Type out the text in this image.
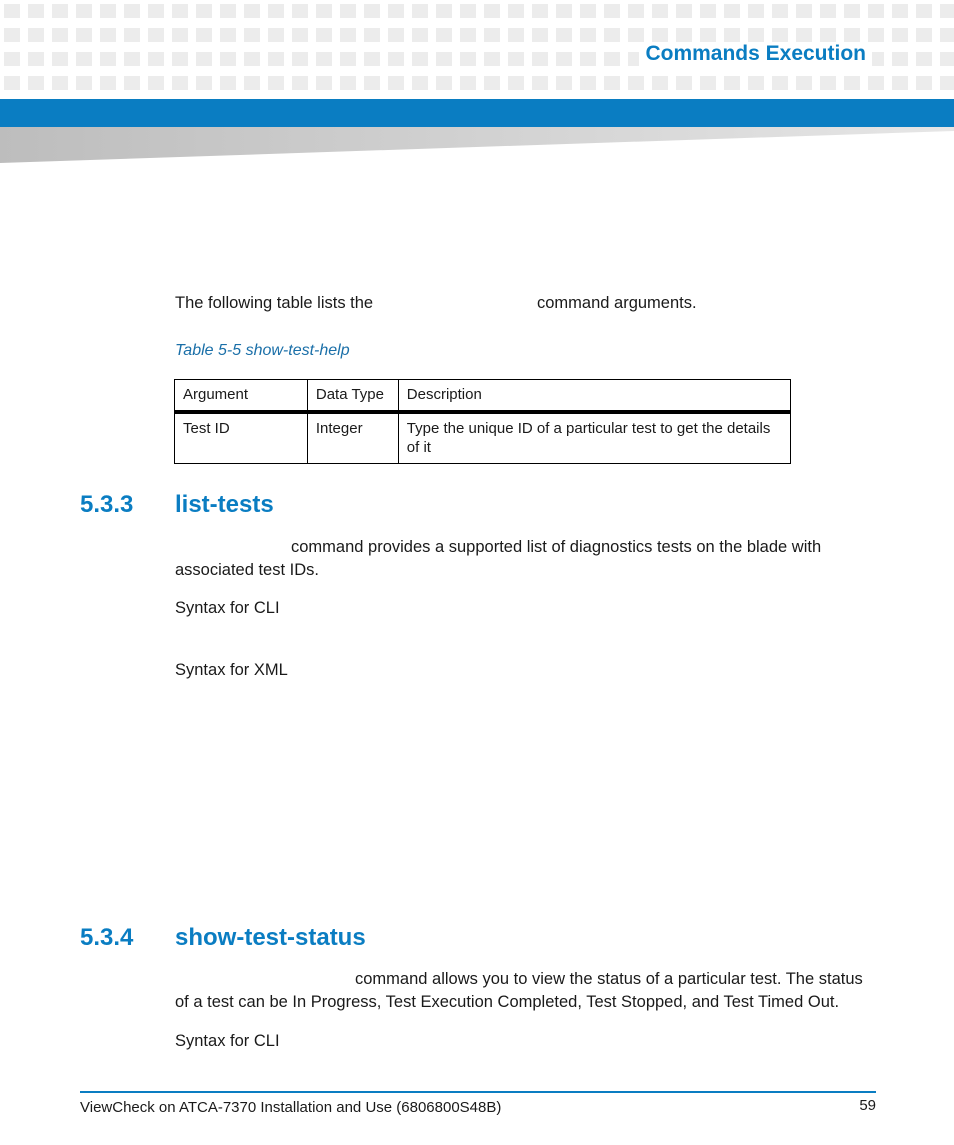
Commands Execution
The following table lists the	command arguments.
Table 5-5 show-test-help
Argument	Data Type	Description
Test ID	Integer	Type the unique ID of a particular test to get the details of it
5.3.3 list-tests
command provides a supported list of diagnostics tests on the blade with
associated test IDs.
Syntax for CLI
Syntax for XML
5.3.4 show-test-status
command allows you to view the status of a particular test. The status
of a test can be In Progress, Test Execution Completed, Test Stopped, and Test Timed Out.
Syntax for CLI
ViewCheck on ATCA-7370 Installation and Use (6806800S48B)	59
